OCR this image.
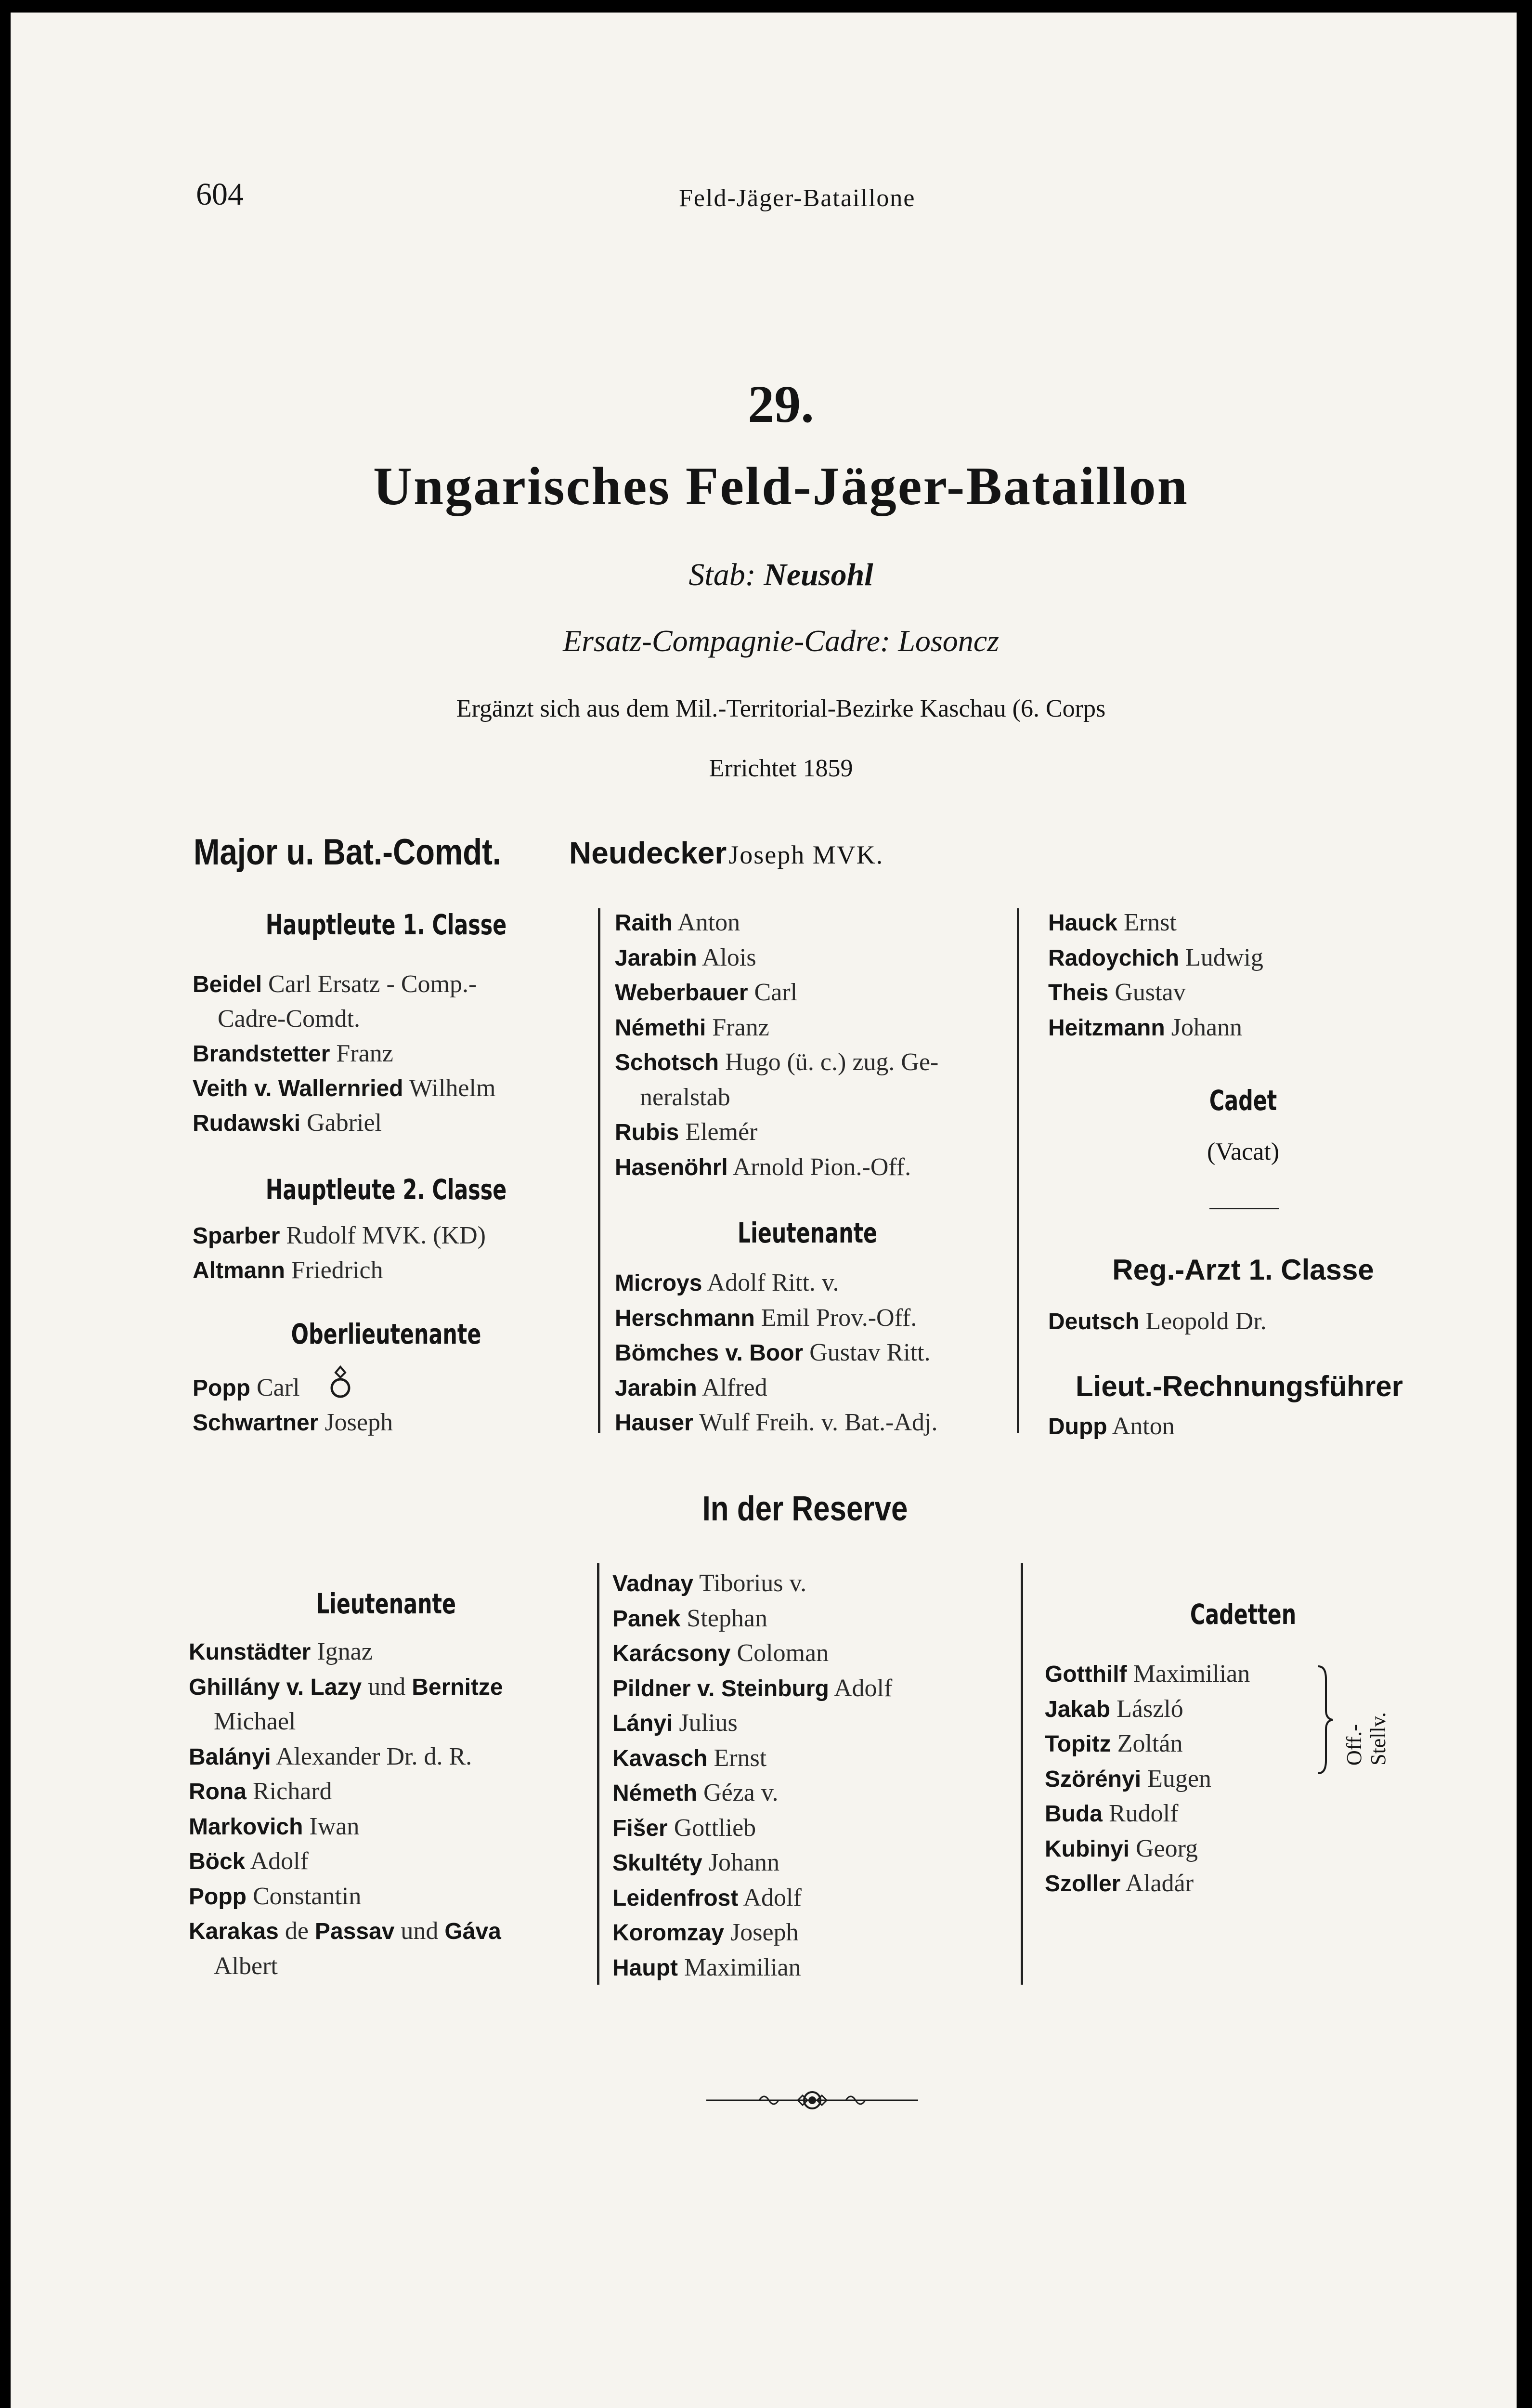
604	Feld-Jäger-Bataillone
29.
Ungarisches Feld-Jäger-Bataillon
Stab: Neusohl
Ersatz-Compagnie-Cadre: Losoncz
Ergänzt sich aus dem Mil.-Territorial-Bezirke Kaschau (6. Corps
Errichtet 1859
Major u. Bat.-Comdt.	Neudecker Joseph MVK.
Hauptleute 1. Classe
Beidel Carl Ersatz - Comp.-
Cadre-Comdt.
Brandstetter Franz
Veith v. Wallernried Wilhelm
Rudawski Gabriel
Hauptleute 2. Classe
Sparber Rudolf MVK. (KD)
Altmann Friedrich
Oberlieutenante
Popp Carl
Schwartner Joseph
Raith Anton
Jarabin Alois
Weberbauer Carl
Némethi Franz
Schotsch Hugo (ü. c.) zug. Ge-
neralstab
Rubis Elemér
Hasenöhrl Arnold Pion.-Off.
Lieutenante
Microys Adolf Ritt. v.
Herschmann Emil Prov.-Off.
Bömches v. Boor Gustav Ritt.
Jarabin Alfred
Hauser Wulf Freih. v. Bat.-Adj.
Hauck Ernst
Radoychich Ludwig
Theis Gustav
Heitzmann Johann
Cadet
(Vacat)
Reg.-Arzt 1. Classe
Deutsch Leopold Dr.
Lieut.-Rechnungsführer
Dupp Anton
In der Reserve
Lieutenante
Kunstädter Ignaz
Ghillány v. Lazy und Bernitze
Michael
Balányi Alexander Dr. d. R.
Rona Richard
Markovich Iwan
Böck Adolf
Popp Constantin
Karakas de Passav und Gáva
Albert
Vadnay Tiborius v.
Panek Stephan
Karácsony Coloman
Pildner v. Steinburg Adolf
Lányi Julius
Kavasch Ernst
Németh Géza v.
Fišer Gottlieb
Skultéty Johann
Leidenfrost Adolf
Koromzay Joseph
Haupt Maximilian
Cadetten
Gotthilf Maximilian
Jakab László
Topitz Zoltán
Szörényi Eugen
Buda Rudolf
Kubinyi Georg
Szoller Aladár
Off.- Stellv.
